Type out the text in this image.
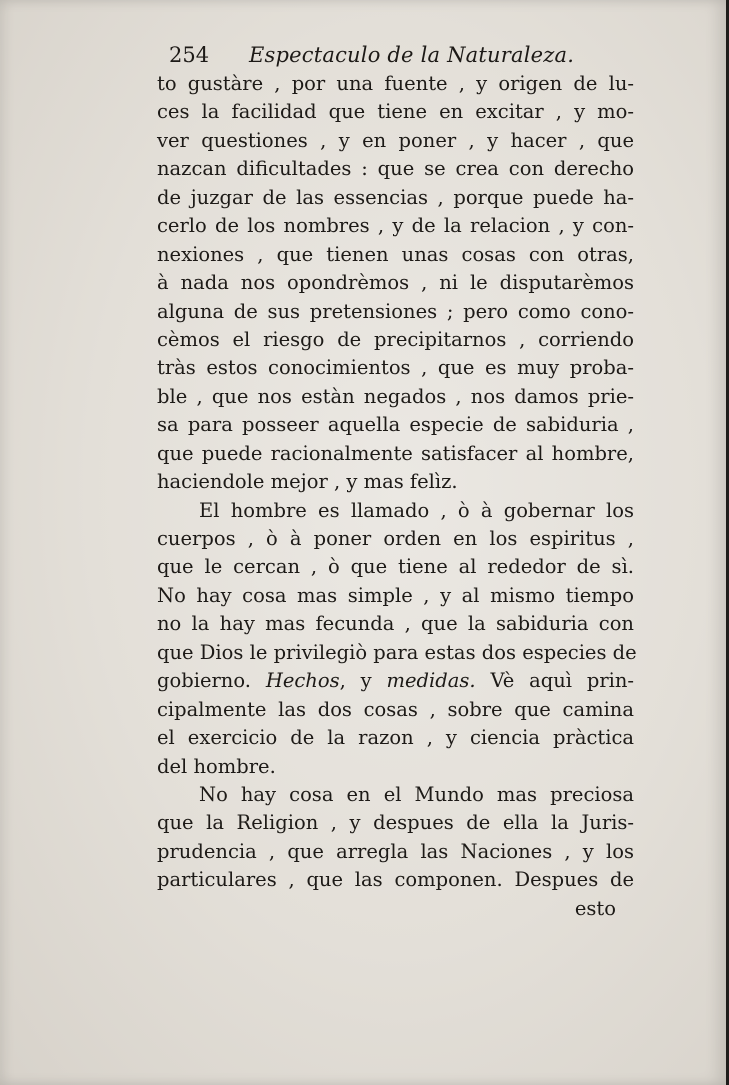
254 Espectaculo de la Naturaleza.
to gustàre , por una fuente , y origen de lu-
ces la facilidad que tiene en excitar , y mo-
ver questiones , y en poner , y hacer , que
nazcan dificultades : que se crea con derecho
de juzgar de las essencias , porque puede ha-
cerlo de los nombres , y de la relacion , y con-
nexiones , que tienen unas cosas con otras,
à nada nos opondrèmos , ni le disputarèmos
alguna de sus pretensiones ; pero como cono-
cèmos el riesgo de precipitarnos , corriendo
tràs estos conocimientos , que es muy proba-
ble , que nos estàn negados , nos damos prie-
sa para posseer aquella especie de sabiduria ,
que puede racionalmente satisfacer al hombre,
haciendole mejor , y mas felìz.
El hombre es llamado , ò à gobernar los
cuerpos , ò à poner orden en los espiritus ,
que le cercan , ò que tiene al rededor de sì.
No hay cosa mas simple , y al mismo tiempo
no la hay mas fecunda , que la sabiduria con
que Dios le privilegiò para estas dos especies de
gobierno. Hechos, y medidas. Vè aquì prin-
cipalmente las dos cosas , sobre que camina
el exercicio de la razon , y ciencia pràctica
del hombre.
No hay cosa en el Mundo mas preciosa
que la Religion , y despues de ella la Juris-
prudencia , que arregla las Naciones , y los
particulares , que las componen. Despues de
esto
